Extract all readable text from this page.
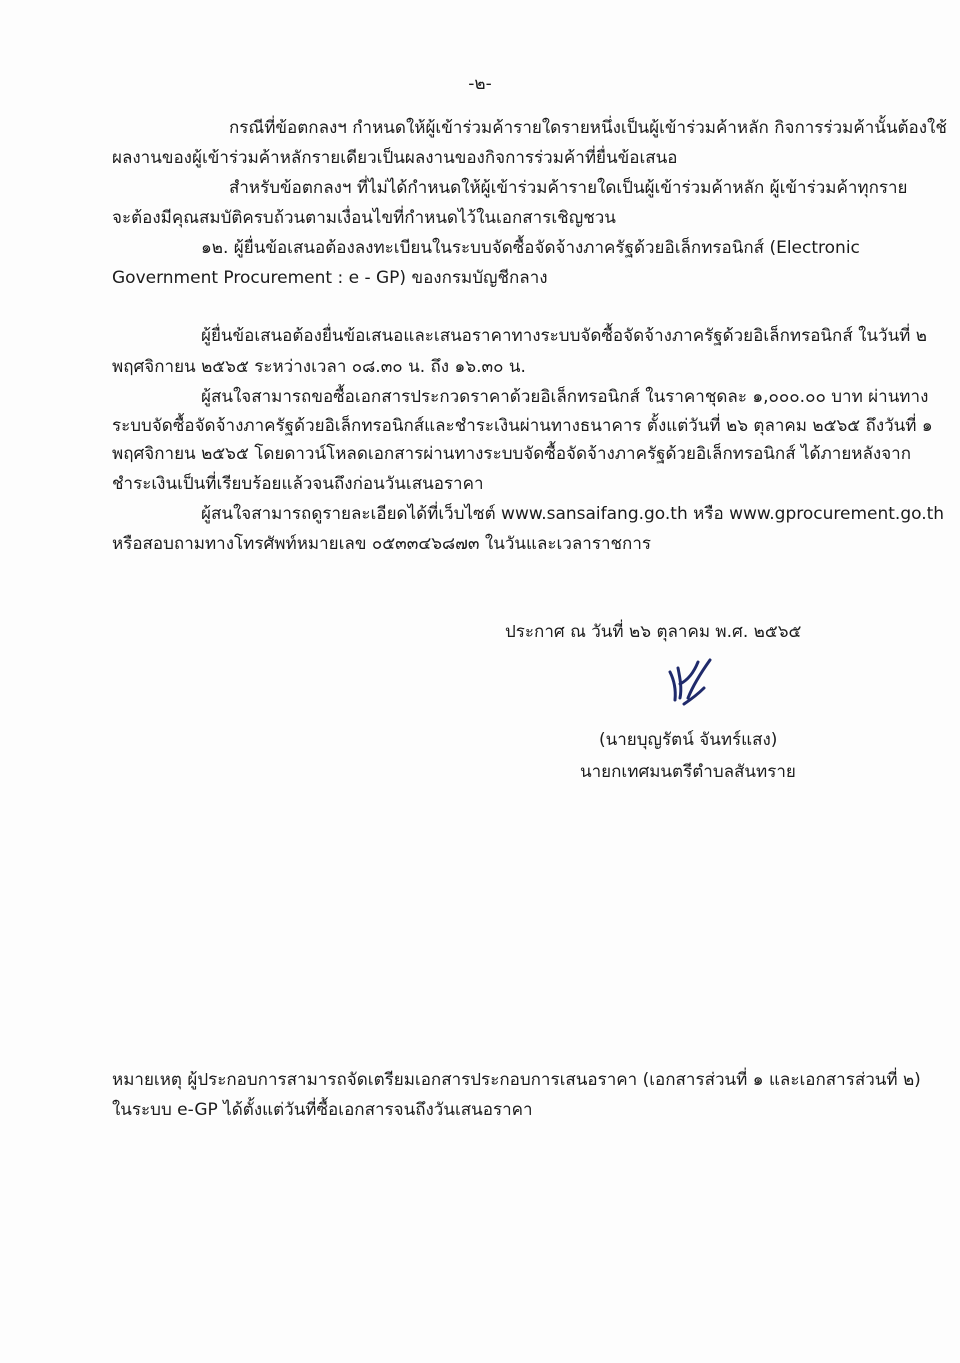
-๒-
กรณีที่ข้อตกลงฯ กำหนดให้ผู้เข้าร่วมค้ารายใดรายหนึ่งเป็นผู้เข้าร่วมค้าหลัก กิจการร่วมค้านั้นต้องใช้
ผลงานของผู้เข้าร่วมค้าหลักรายเดียวเป็นผลงานของกิจการร่วมค้าที่ยื่นข้อเสนอ
สำหรับข้อตกลงฯ ที่ไม่ได้กำหนดให้ผู้เข้าร่วมค้ารายใดเป็นผู้เข้าร่วมค้าหลัก ผู้เข้าร่วมค้าทุกราย
จะต้องมีคุณสมบัติครบถ้วนตามเงื่อนไขที่กำหนดไว้ในเอกสารเชิญชวน
๑๒. ผู้ยื่นข้อเสนอต้องลงทะเบียนในระบบจัดซื้อจัดจ้างภาครัฐด้วยอิเล็กทรอนิกส์ (Electronic
Government Procurement : e - GP) ของกรมบัญชีกลาง
ผู้ยื่นข้อเสนอต้องยื่นข้อเสนอและเสนอราคาทางระบบจัดซื้อจัดจ้างภาครัฐด้วยอิเล็กทรอนิกส์ ในวันที่ ๒
พฤศจิกายน ๒๕๖๕ ระหว่างเวลา ๐๘.๓๐ น. ถึง ๑๖.๓๐ น.
ผู้สนใจสามารถขอซื้อเอกสารประกวดราคาด้วยอิเล็กทรอนิกส์ ในราคาชุดละ ๑,๐๐๐.๐๐ บาท ผ่านทาง
ระบบจัดซื้อจัดจ้างภาครัฐด้วยอิเล็กทรอนิกส์และชำระเงินผ่านทางธนาคาร ตั้งแต่วันที่ ๒๖ ตุลาคม ๒๕๖๕ ถึงวันที่ ๑
พฤศจิกายน ๒๕๖๕ โดยดาวน์โหลดเอกสารผ่านทางระบบจัดซื้อจัดจ้างภาครัฐด้วยอิเล็กทรอนิกส์ ได้ภายหลังจาก
ชำระเงินเป็นที่เรียบร้อยแล้วจนถึงก่อนวันเสนอราคา
ผู้สนใจสามารถดูรายละเอียดได้ที่เว็บไซต์ www.sansaifang.go.th หรือ www.gprocurement.go.th
หรือสอบถามทางโทรศัพท์หมายเลข ๐๕๓๓๔๖๘๗๓ ในวันและเวลาราชการ
ประกาศ ณ วันที่ ๒๖ ตุลาคม พ.ศ. ๒๕๖๕
(นายบุญรัตน์ จันทร์แสง)
นายกเทศมนตรีตำบลสันทราย
หมายเหตุ ผู้ประกอบการสามารถจัดเตรียมเอกสารประกอบการเสนอราคา (เอกสารส่วนที่ ๑ และเอกสารส่วนที่ ๒)
ในระบบ e-GP ได้ตั้งแต่วันที่ซื้อเอกสารจนถึงวันเสนอราคา
